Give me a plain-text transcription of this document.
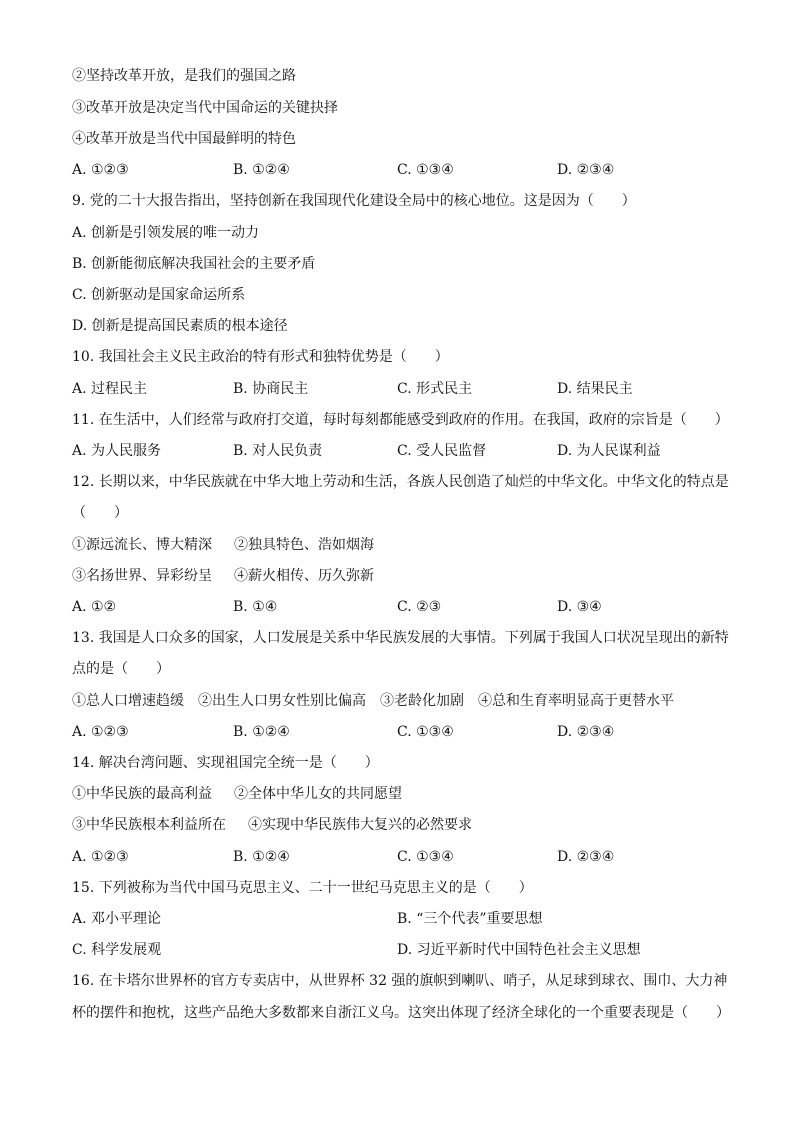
②坚持改革开放，是我们的强国之路
③改革开放是决定当代中国命运的关键抉择
④改革开放是当代中国最鲜明的特色
A. ①②③	B. ①②④	C. ①③④	D. ②③④
9. 党的二十大报告指出，坚持创新在我国现代化建设全局中的核心地位。这是因为（　　）
A. 创新是引领发展的唯一动力
B. 创新能彻底解决我国社会的主要矛盾
C. 创新驱动是国家命运所系
D. 创新是提高国民素质的根本途径
10. 我国社会主义民主政治的特有形式和独特优势是（　　）
A. 过程民主	B. 协商民主	C. 形式民主	D. 结果民主
11. 在生活中，人们经常与政府打交道，每时每刻都能感受到政府的作用。在我国，政府的宗旨是（　　）
A. 为人民服务	B. 对人民负责	C. 受人民监督	D. 为人民谋利益
12. 长期以来，中华民族就在中华大地上劳动和生活，各族人民创造了灿烂的中华文化。中华文化的特点是
（　　）
①源远流长、博大精深 ②独具特色、浩如烟海
③名扬世界、异彩纷呈 ④薪火相传、历久弥新
A. ①②	B. ①④	C. ②③	D. ③④
13. 我国是人口众多的国家，人口发展是关系中华民族发展的大事情。下列属于我国人口状况呈现出的新特
点的是（　　）
①总人口增速趋缓 ②出生人口男女性别比偏高 ③老龄化加剧 ④总和生育率明显高于更替水平
A. ①②③	B. ①②④	C. ①③④	D. ②③④
14. 解决台湾问题、实现祖国完全统一是（　　）
①中华民族的最高利益 ②全体中华儿女的共同愿望
③中华民族根本利益所在 ④实现中华民族伟大复兴的必然要求
A. ①②③	B. ①②④	C. ①③④	D. ②③④
15. 下列被称为当代中国马克思主义、二十一世纪马克思主义的是（　　）
A. 邓小平理论	B. “三个代表”重要思想
C. 科学发展观	D. 习近平新时代中国特色社会主义思想
16. 在卡塔尔世界杯的官方专卖店中，从世界杯 32 强的旗帜到喇叭、哨子，从足球到球衣、围巾、大力神
杯的摆件和抱枕，这些产品绝大多数都来自浙江义乌。这突出体现了经济全球化的一个重要表现是（　　）
